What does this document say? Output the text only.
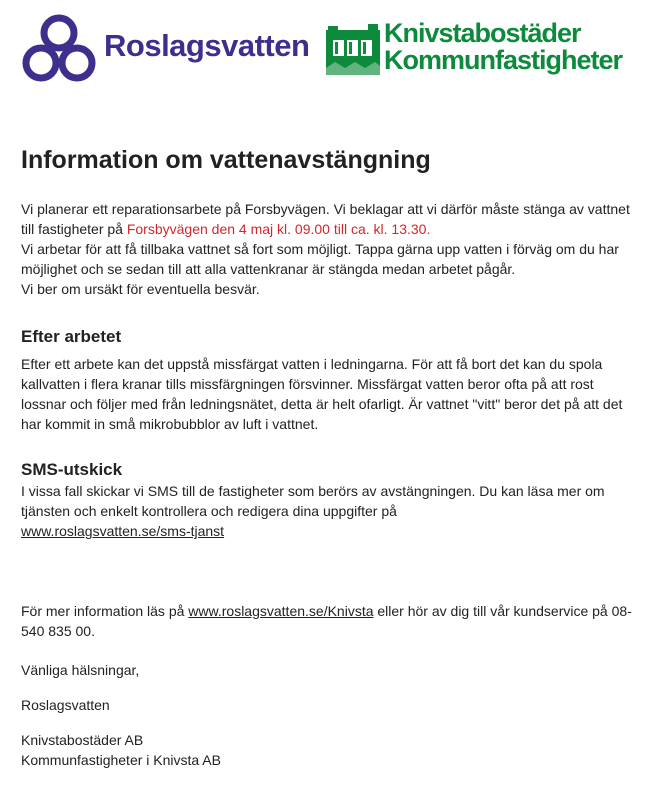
Roslagsvatten	Knivstabostäder
Kommunfastigheter
Information om vattenavstängning

Vi planerar ett reparationsarbete på Forsbyvägen. Vi beklagar att vi därför måste stänga av vattnet till fastigheter på Forsbyvägen den 4 maj kl. 09.00 till ca. kl. 13.30.

Vi arbetar för att få tillbaka vattnet så fort som möjligt. Tappa gärna upp vatten i förväg om du har möjlighet och se sedan till att alla vattenkranar är stängda medan arbetet pågår.

Vi ber om ursäkt för eventuella besvär.

Efter arbetet

Efter ett arbete kan det uppstå missfärgat vatten i ledningarna. För att få bort det kan du spola kallvatten i flera kranar tills missfärgningen försvinner. Missfärgat vatten beror ofta på att rost lossnar och följer med från ledningsnätet, detta är helt ofarligt. Är vattnet "vitt" beror det på att det har kommit in små mikrobubblor av luft i vattnet.

SMS-utskick

I vissa fall skickar vi SMS till de fastigheter som berörs av avstängningen. Du kan läsa mer om tjänsten och enkelt kontrollera och redigera dina uppgifter på

www.roslagsvatten.se/sms-tjanst

För mer information läs på www.roslagsvatten.se/Knivsta eller hör av dig till vår kundservice på 08-540 835 00.

Vänliga hälsningar,

Roslagsvatten

Knivstabostäder AB

Kommunfastigheter i Knivsta AB
